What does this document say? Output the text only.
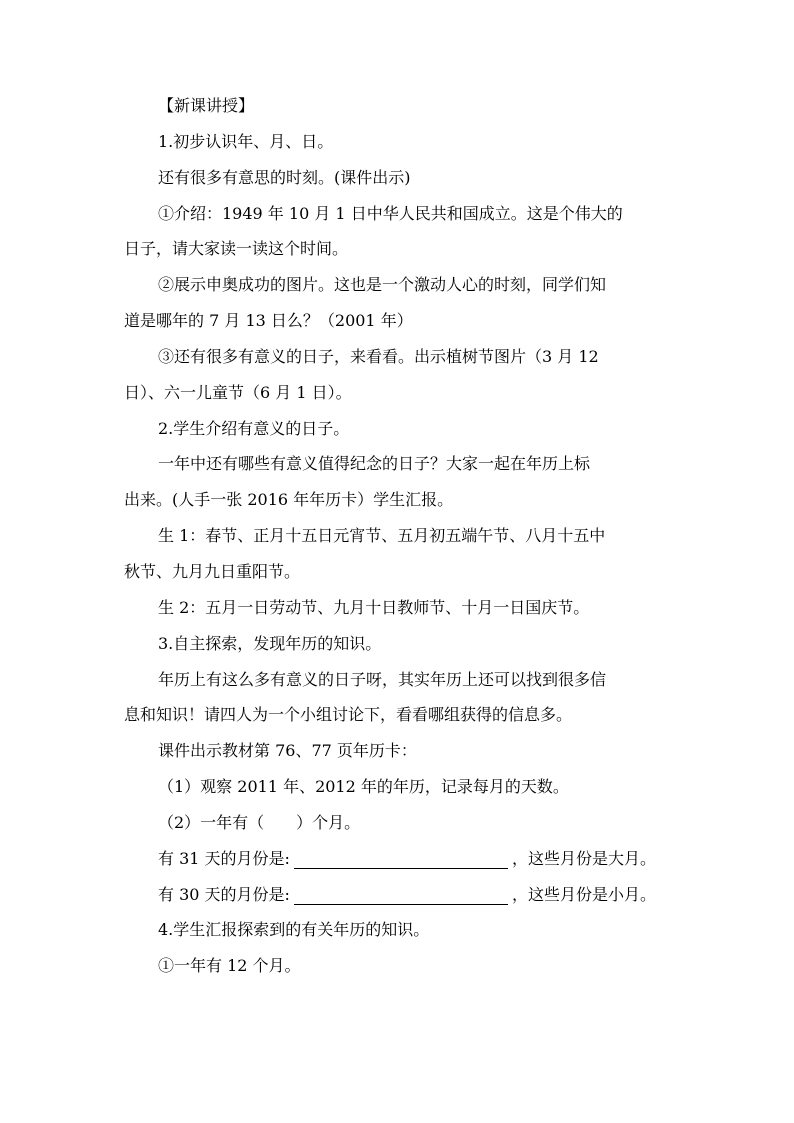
【新课讲授】
1.初步认识年、月、日。
还有很多有意思的时刻。(课件出示)
①介绍：1949 年 10 月 1 日中华人民共和国成立。这是个伟大的
日子，请大家读一读这个时间。
②展示申奥成功的图片。这也是一个激动人心的时刻，同学们知
道是哪年的 7 月 13 日么？（2001 年）
③还有很多有意义的日子，来看看。出示植树节图片（3 月 12
日）、六一儿童节（6 月 1 日）。
2.学生介绍有意义的日子。
一年中还有哪些有意义值得纪念的日子？大家一起在年历上标
出来。(人手一张 2016 年年历卡）学生汇报。
生 1：春节、正月十五日元宵节、五月初五端午节、八月十五中
秋节、九月九日重阳节。
生 2：五月一日劳动节、九月十日教师节、十月一日国庆节。
3.自主探索，发现年历的知识。
年历上有这么多有意义的日子呀，其实年历上还可以找到很多信
息和知识！请四人为一个小组讨论下，看看哪组获得的信息多。
课件出示教材第 76、77 页年历卡：
（1）观察 2011 年、2012 年的年历，记录每月的天数。
（2）一年有（　　）个月。
有 31 天的月份是:	，这些月份是大月。
有 30 天的月份是:	，这些月份是小月。
4.学生汇报探索到的有关年历的知识。
①一年有 12 个月。
